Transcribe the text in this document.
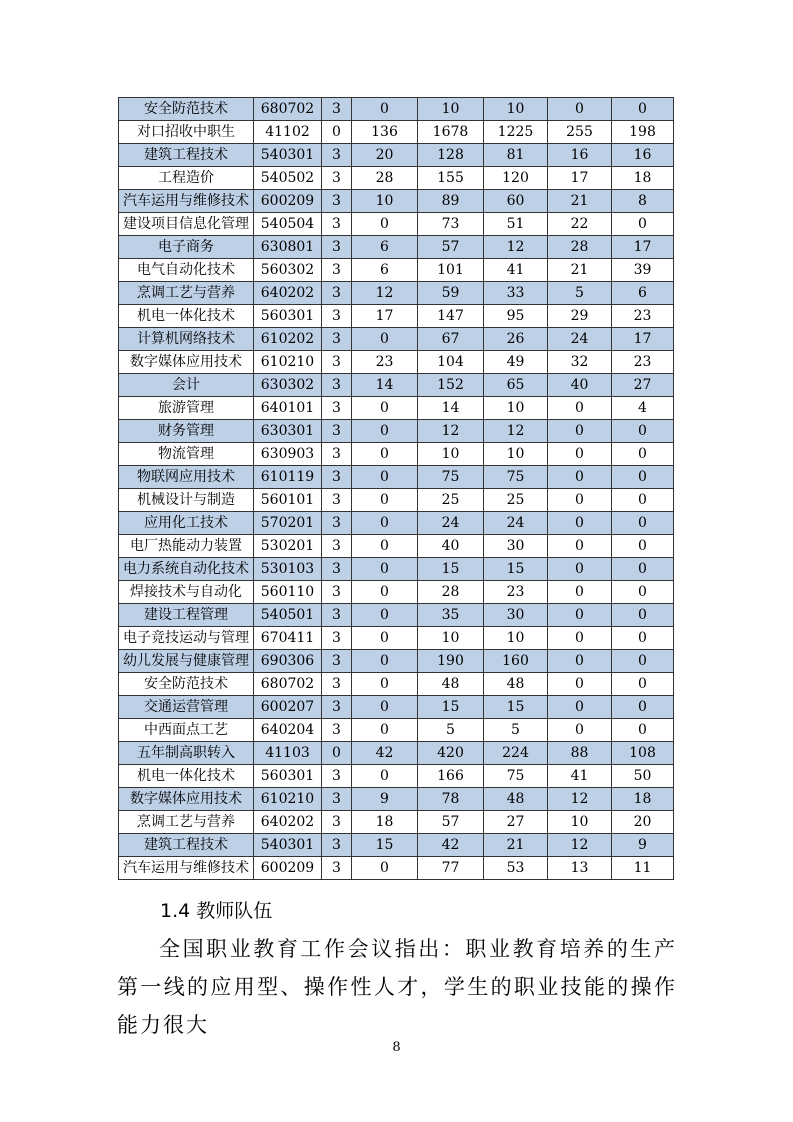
安全防范技术	680702	3	0	10	10	0	0
对口招收中职生	41102	0	136	1678	1225	255	198
建筑工程技术	540301	3	20	128	81	16	16
工程造价	540502	3	28	155	120	17	18
汽车运用与维修技术	600209	3	10	89	60	21	8
建设项目信息化管理	540504	3	0	73	51	22	0
电子商务	630801	3	6	57	12	28	17
电气自动化技术	560302	3	6	101	41	21	39
烹调工艺与营养	640202	3	12	59	33	5	6
机电一体化技术	560301	3	17	147	95	29	23
计算机网络技术	610202	3	0	67	26	24	17
数字媒体应用技术	610210	3	23	104	49	32	23
会计	630302	3	14	152	65	40	27
旅游管理	640101	3	0	14	10	0	4
财务管理	630301	3	0	12	12	0	0
物流管理	630903	3	0	10	10	0	0
物联网应用技术	610119	3	0	75	75	0	0
机械设计与制造	560101	3	0	25	25	0	0
应用化工技术	570201	3	0	24	24	0	0
电厂热能动力装置	530201	3	0	40	30	0	0
电力系统自动化技术	530103	3	0	15	15	0	0
焊接技术与自动化	560110	3	0	28	23	0	0
建设工程管理	540501	3	0	35	30	0	0
电子竞技运动与管理	670411	3	0	10	10	0	0
幼儿发展与健康管理	690306	3	0	190	160	0	0
安全防范技术	680702	3	0	48	48	0	0
交通运营管理	600207	3	0	15	15	0	0
中西面点工艺	640204	3	0	5	5	0	0
五年制高职转入	41103	0	42	420	224	88	108
机电一体化技术	560301	3	0	166	75	41	50
数字媒体应用技术	610210	3	9	78	48	12	18
烹调工艺与营养	640202	3	18	57	27	10	20
建筑工程技术	540301	3	15	42	21	12	9
汽车运用与维修技术	600209	3	0	77	53	13	11
1.4 教师队伍
全国职业教育工作会议指出：职业教育培养的生产第一线的应用型、操作性人才，学生的职业技能的操作能力很大
8
